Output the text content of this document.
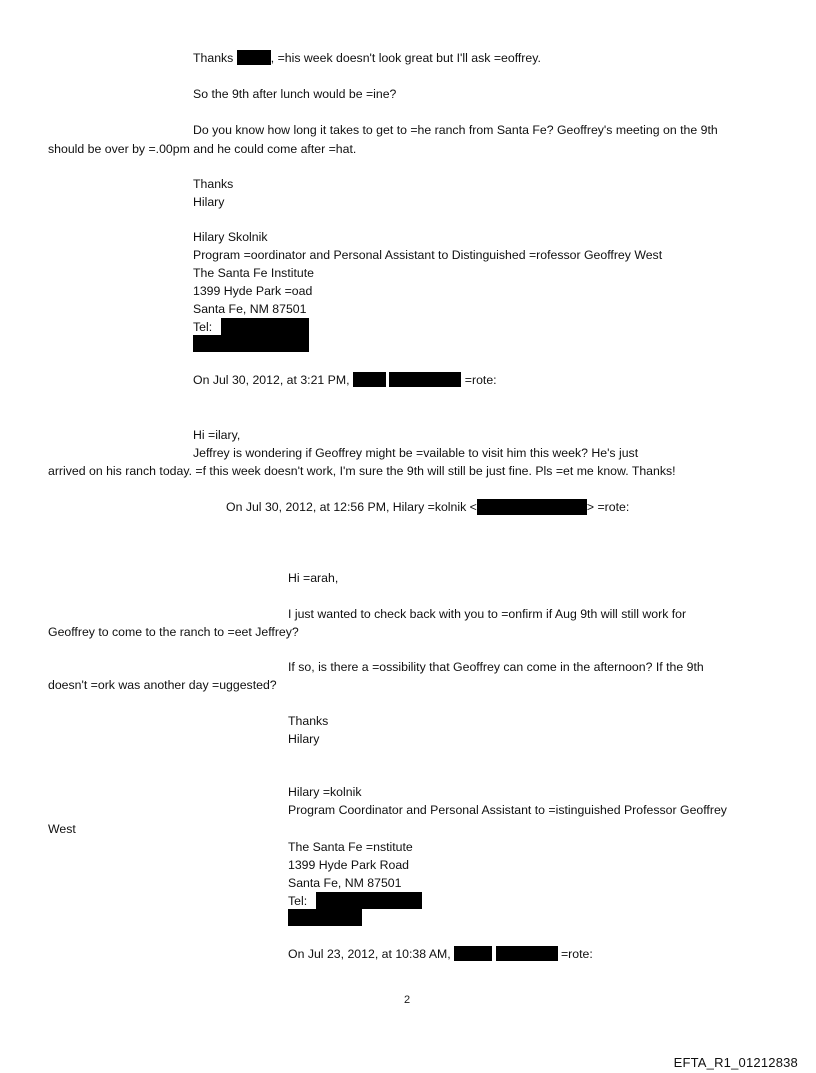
Thanks	, =his week doesn't look great but I'll ask =eoffrey.
So the 9th after lunch would be =ine?
Do you know how long it takes to get to =he ranch from Santa Fe? Geoffrey's meeting on the 9th
should be over by =.00pm and he could come after =hat.
Thanks
Hilary
Hilary Skolnik
Program =oordinator and Personal Assistant to Distinguished =rofessor Geoffrey West
The Santa Fe Institute
1399 Hyde Park =oad
Santa Fe, NM 87501
Tel:
On Jul 30, 2012, at 3:21 PM,	=rote:
Hi =ilary,
Jeffrey is wondering if Geoffrey might be =vailable to visit him this week? He's just
arrived on his ranch today. =f this week doesn't work, I'm sure the 9th will still be just fine. Pls =et me know. Thanks!
On Jul 30, 2012, at 12:56 PM, Hilary =kolnik <	> =rote:
Hi =arah,
I just wanted to check back with you to =onfirm if Aug 9th will still work for
Geoffrey to come to the ranch to =eet Jeffrey?
If so, is there a =ossibility that Geoffrey can come in the afternoon? If the 9th
doesn't =ork was another day =uggested?
Thanks
Hilary
Hilary =kolnik
Program Coordinator and Personal Assistant to =istinguished Professor Geoffrey
West
The Santa Fe =nstitute
1399 Hyde Park Road
Santa Fe, NM 87501
Tel:
On Jul 23, 2012, at 10:38 AM,	=rote:
2
EFTA_R1_01212838
